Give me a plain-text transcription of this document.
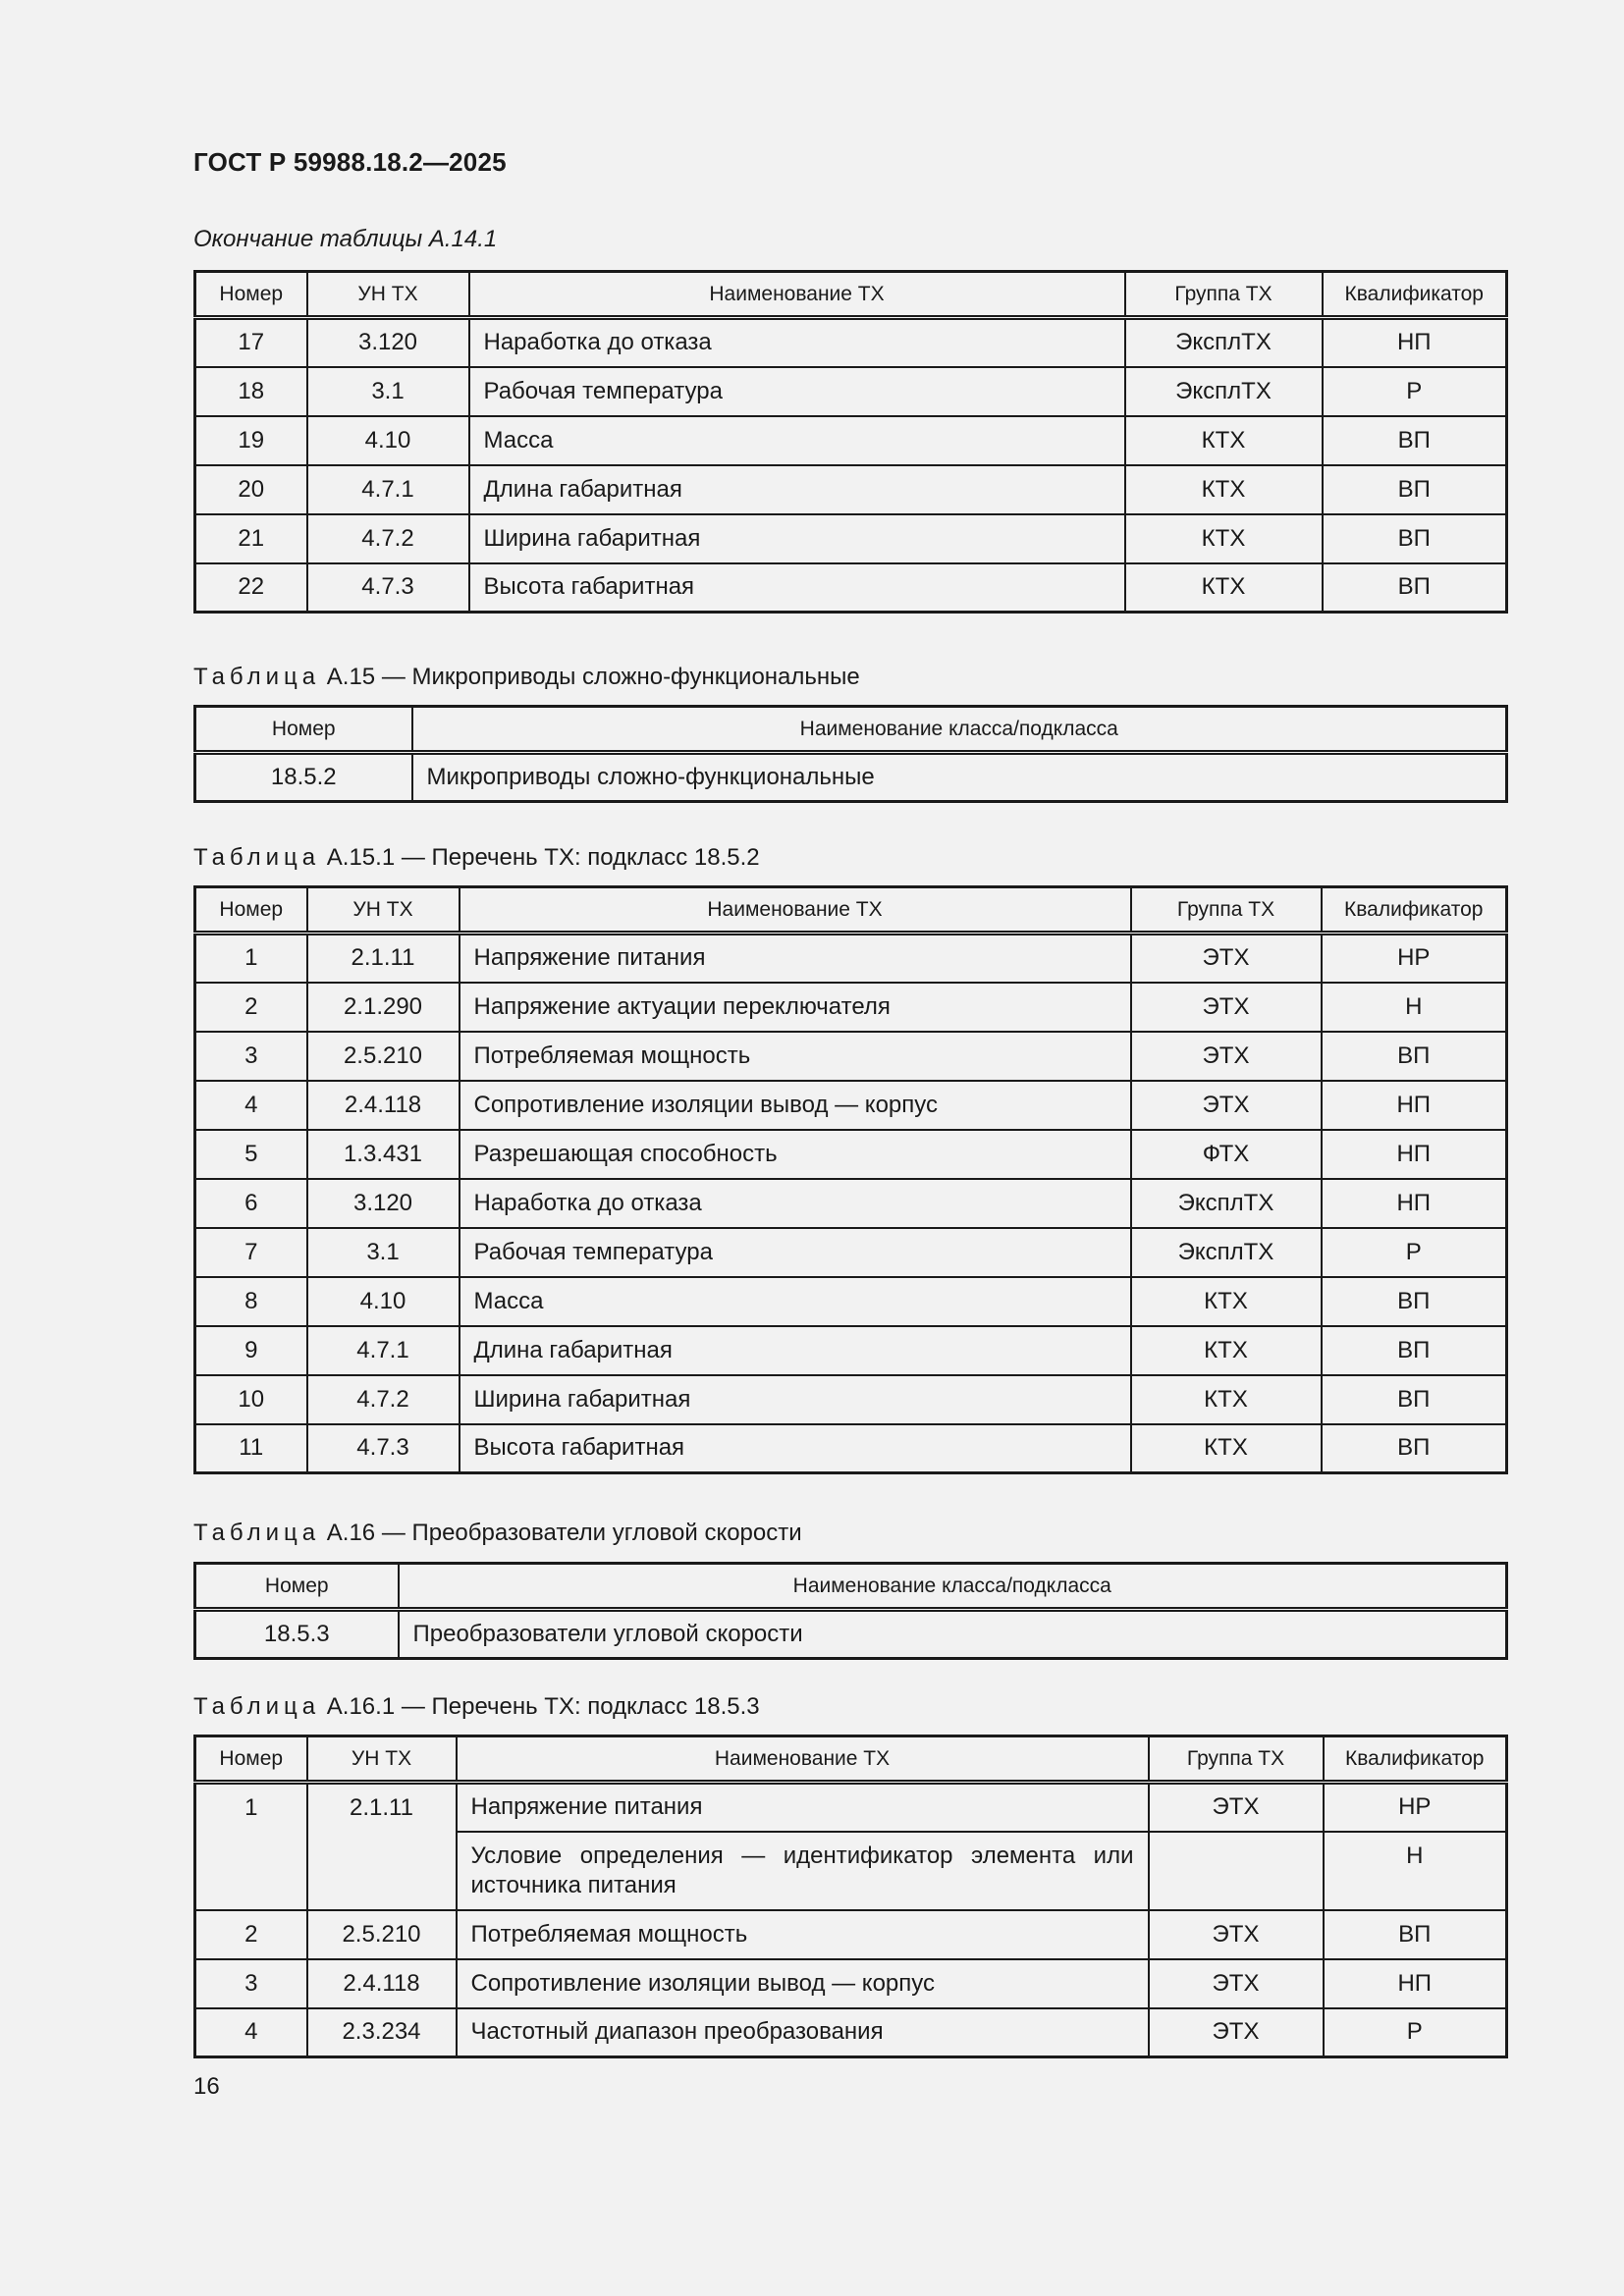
ГОСТ Р 59988.18.2—2025
Окончание таблицы А.14.1
Номер	УН ТХ	Наименование ТХ	Группа ТХ	Квалификатор
17	3.120	Наработка до отказа	ЭксплТХ	НП
18	3.1	Рабочая температура	ЭксплТХ	Р
19	4.10	Масса	КТХ	ВП
20	4.7.1	Длина габаритная	КТХ	ВП
21	4.7.2	Ширина габаритная	КТХ	ВП
22	4.7.3	Высота габаритная	КТХ	ВП
Таблица А.15 — Микроприводы сложно-функциональные
Номер	Наименование класса/подкласса
18.5.2	Микроприводы сложно-функциональные
Таблица А.15.1 — Перечень ТХ: подкласс 18.5.2
Номер	УН ТХ	Наименование ТХ	Группа ТХ	Квалификатор
1	2.1.11	Напряжение питания	ЭТХ	НР
2	2.1.290	Напряжение актуации переключателя	ЭТХ	Н
3	2.5.210	Потребляемая мощность	ЭТХ	ВП
4	2.4.118	Сопротивление изоляции вывод — корпус	ЭТХ	НП
5	1.3.431	Разрешающая способность	ФТХ	НП
6	3.120	Наработка до отказа	ЭксплТХ	НП
7	3.1	Рабочая температура	ЭксплТХ	Р
8	4.10	Масса	КТХ	ВП
9	4.7.1	Длина габаритная	КТХ	ВП
10	4.7.2	Ширина габаритная	КТХ	ВП
11	4.7.3	Высота габаритная	КТХ	ВП
Таблица А.16 — Преобразователи угловой скорости
Номер	Наименование класса/подкласса
18.5.3	Преобразователи угловой скорости
Таблица А.16.1 — Перечень ТХ: подкласс 18.5.3
Номер	УН ТХ	Наименование ТХ	Группа ТХ	Квалификатор
1	2.1.11	Напряжение питания	ЭТХ	НР
		Условие определения — идентификатор элемента или источника питания		Н
2	2.5.210	Потребляемая мощность	ЭТХ	ВП
3	2.4.118	Сопротивление изоляции вывод — корпус	ЭТХ	НП
4	2.3.234	Частотный диапазон преобразования	ЭТХ	Р
16
